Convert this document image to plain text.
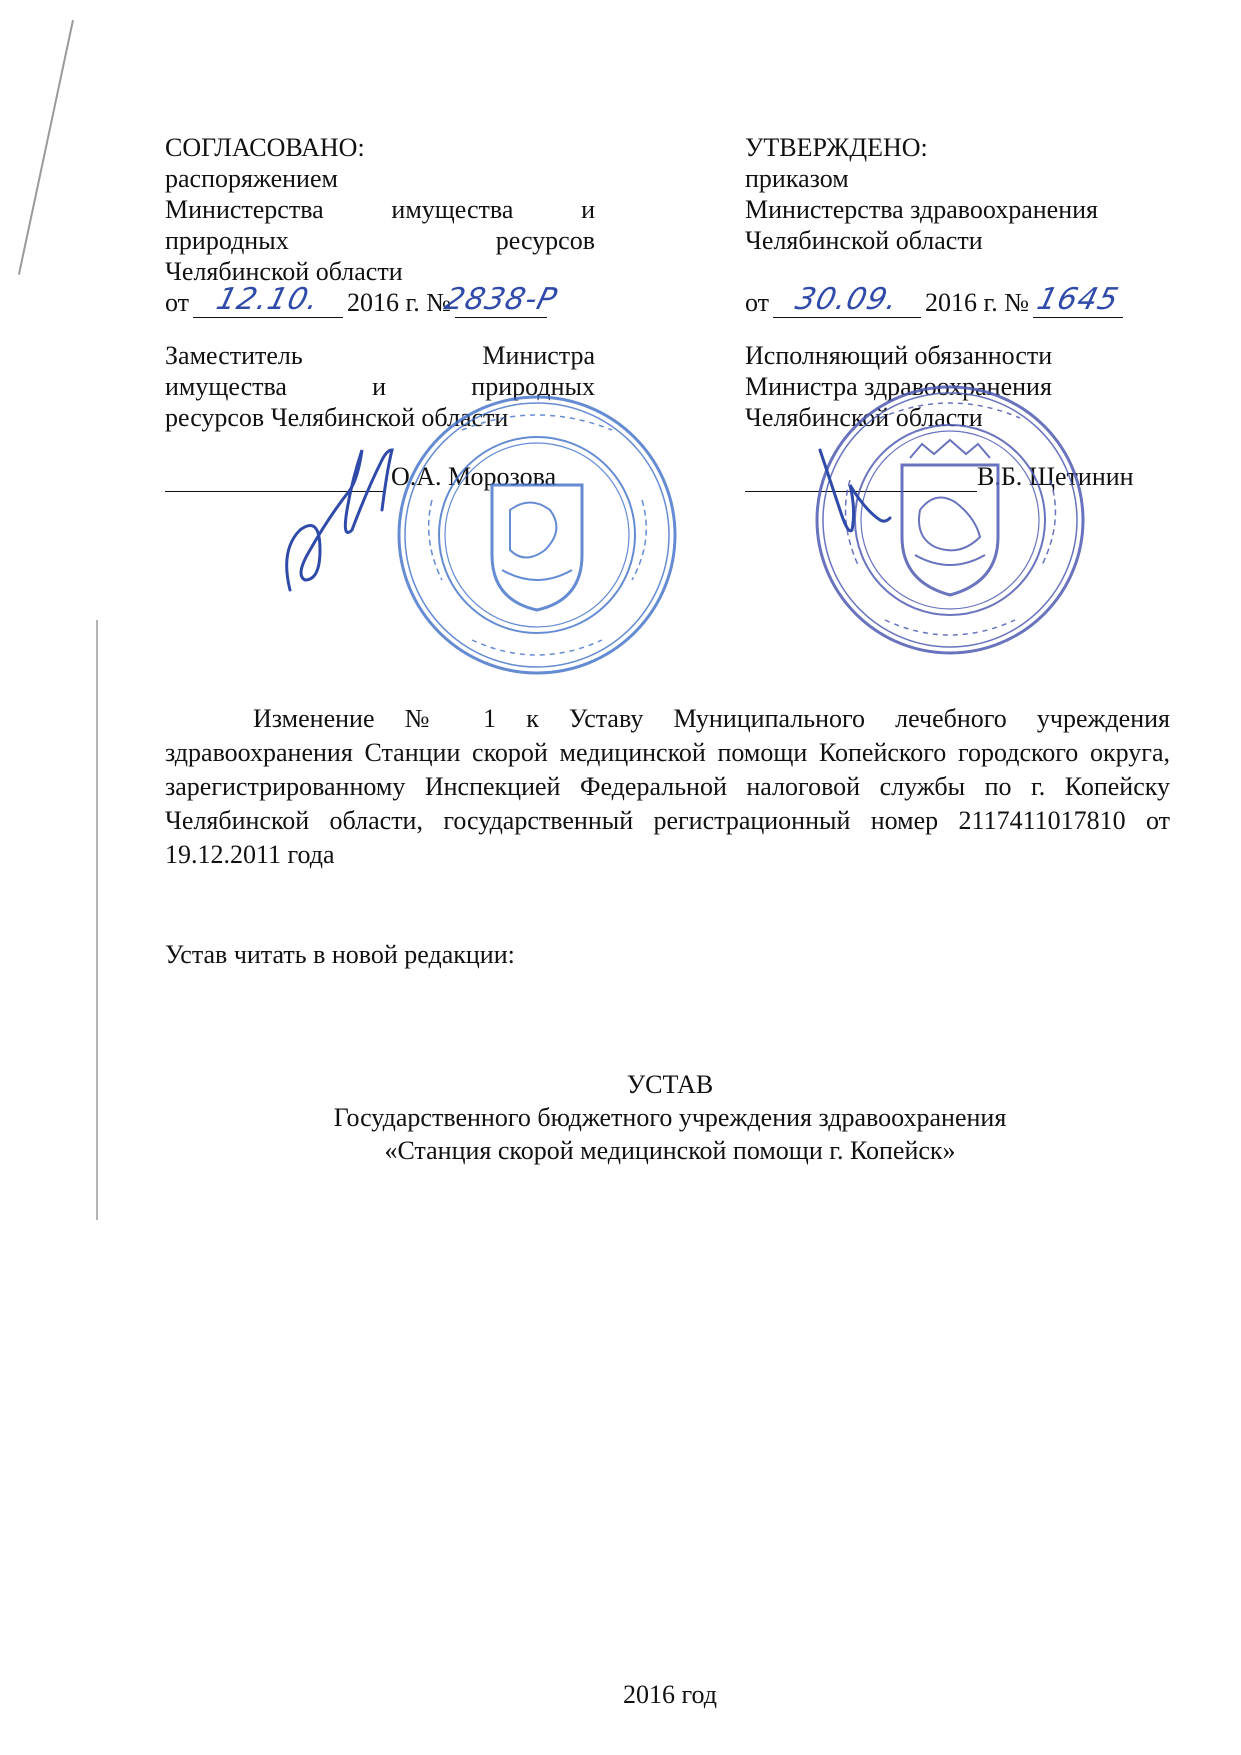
СОГЛАСОВАНО:
распоряжением
Министерства	имущества	и
природных	ресурсов
Челябинской области
от 12.10. 2016 г. №
2838-Р
Заместитель	Министра
имущества	и	природных
ресурсов Челябинской области
О.А. Морозова
УТВЕРЖДЕНО:
приказом
Министерства здравоохранения
Челябинской области
от 30.09. 2016 г. № 1645
Исполняющий обязанности
Министра здравоохранения
Челябинской области
В.Б. Щетинин
Изменение № 1 к Уставу Муниципального лечебного учреждения здравоохранения Станции скорой медицинской помощи Копейского городского округа, зарегистрированному Инспекцией Федеральной налоговой службы по г. Копейску Челябинской области, государственный регистрационный номер 2117411017810 от 19.12.2011 года
Устав читать в новой редакции:
УСТАВ
Государственного бюджетного учреждения здравоохранения
«Станция скорой медицинской помощи г. Копейск»
2016 год
